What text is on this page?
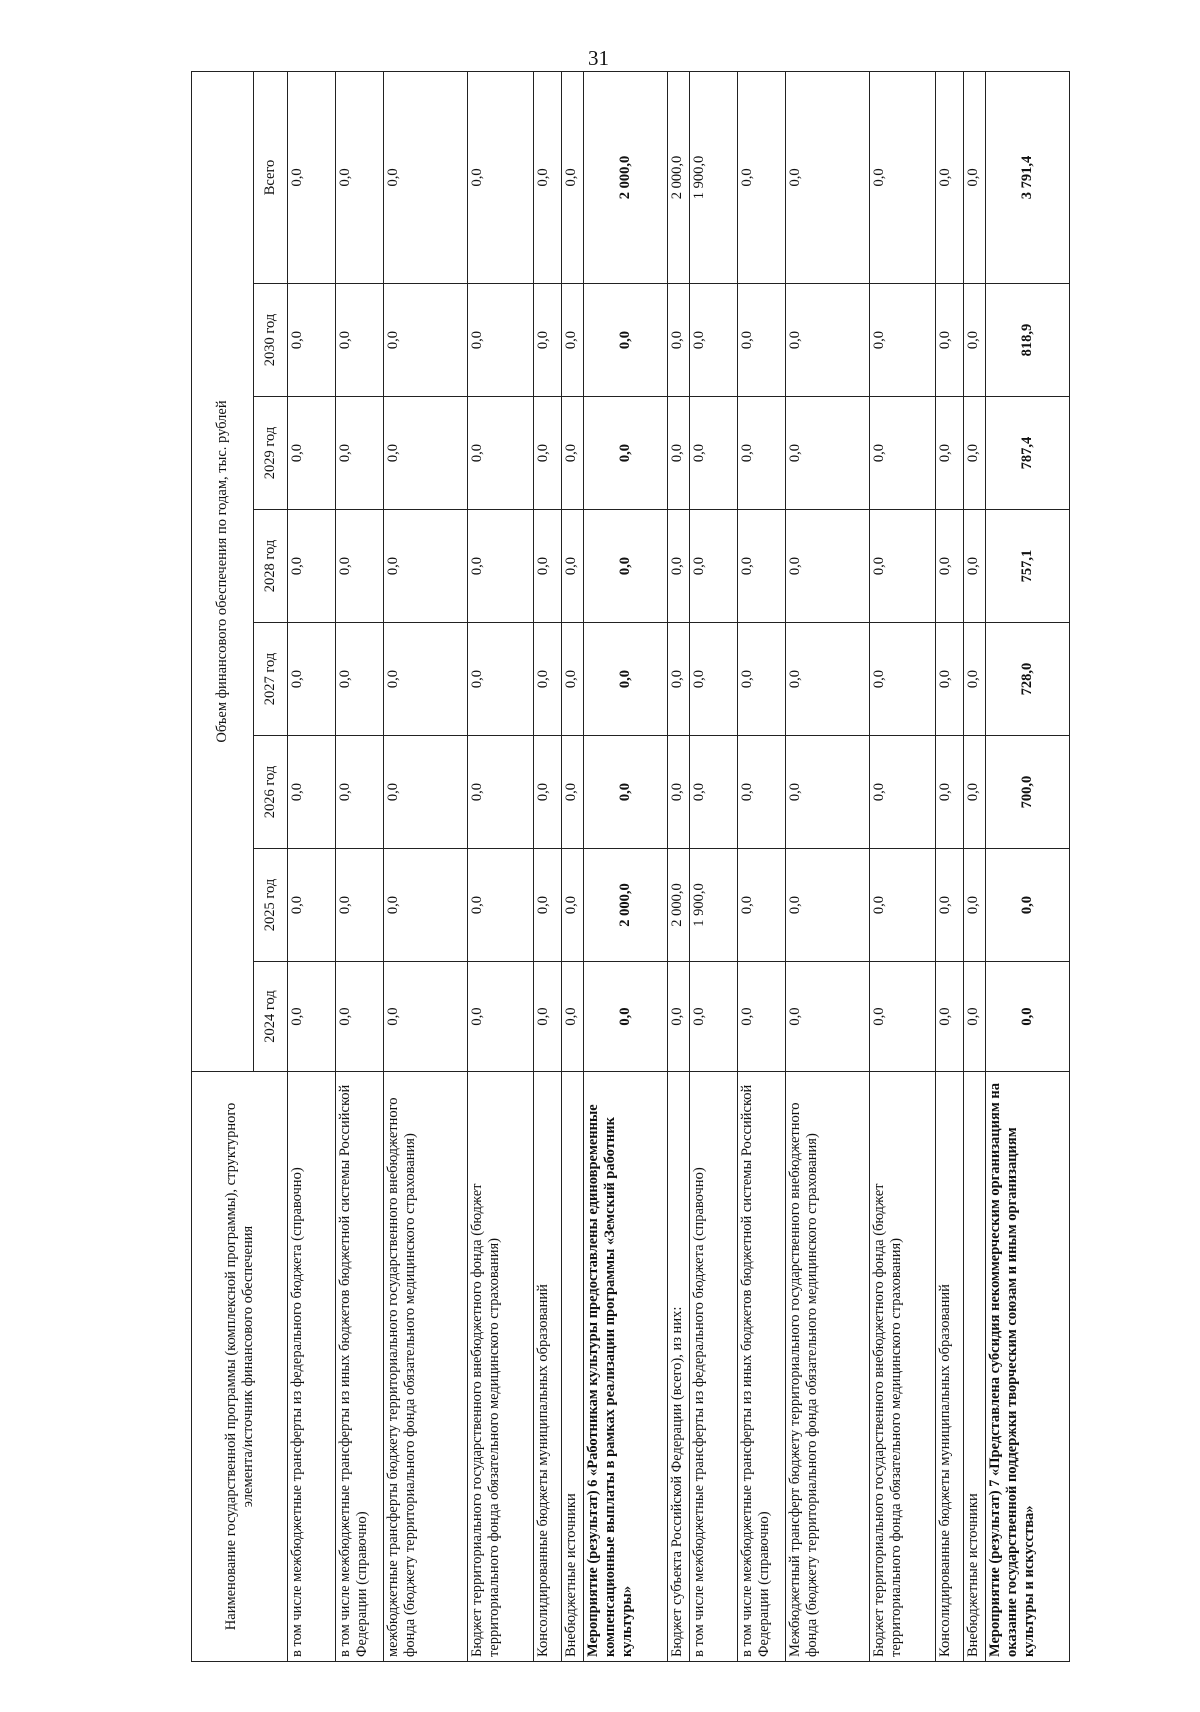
31
Наименование государственной программы (комплексной программы), структурного элемента/источник финансового обеспечения	Объем финансового обеспечения по годам, тыс. рублей							
	2024 год	2025 год	2026 год	2027 год	2028 год	2029 год	2030 год	Всего
в том числе межбюджетные трансферты из федерального бюджета (справочно)	0,0	0,0	0,0	0,0	0,0	0,0	0,0	0,0
в том числе межбюджетные трансферты из иных бюджетов бюджетной системы Российской Федерации (справочно)	0,0	0,0	0,0	0,0	0,0	0,0	0,0	0,0
межбюджетные трансферты бюджету территориального государственного внебюджетного фонда (бюджету территориального фонда обязательного медицинского страхования)	0,0	0,0	0,0	0,0	0,0	0,0	0,0	0,0
Бюджет территориального государственного внебюджетного фонда (бюджет территориального фонда обязательного медицинского страхования)	0,0	0,0	0,0	0,0	0,0	0,0	0,0	0,0
Консолидированные бюджеты муниципальных образований	0,0	0,0	0,0	0,0	0,0	0,0	0,0	0,0
Внебюджетные источники	0,0	0,0	0,0	0,0	0,0	0,0	0,0	0,0
Мероприятие (результат) 6 «Работникам культуры предоставлены единовременные компенсационные выплаты в рамках реализации программы «Земский работник культуры»	0,0	2 000,0	0,0	0,0	0,0	0,0	0,0	2 000,0
Бюджет субъекта Российской Федерации (всего), из них:	0,0	2 000,0	0,0	0,0	0,0	0,0	0,0	2 000,0
в том числе межбюджетные трансферты из федерального бюджета (справочно)	0,0	1 900,0	0,0	0,0	0,0	0,0	0,0	1 900,0
в том числе межбюджетные трансферты из иных бюджетов бюджетной системы Российской Федерации (справочно)	0,0	0,0	0,0	0,0	0,0	0,0	0,0	0,0
Межбюджетный трансферт бюджету территориального государственного внебюджетного фонда (бюджету территориального фонда обязательного медицинского страхования)	0,0	0,0	0,0	0,0	0,0	0,0	0,0	0,0
Бюджет территориального государственного внебюджетного фонда (бюджет территориального фонда обязательного медицинского страхования)	0,0	0,0	0,0	0,0	0,0	0,0	0,0	0,0
Консолидированные бюджеты муниципальных образований	0,0	0,0	0,0	0,0	0,0	0,0	0,0	0,0
Внебюджетные источники	0,0	0,0	0,0	0,0	0,0	0,0	0,0	0,0
Мероприятие (результат) 7 «Представлена субсидия некоммерческим организациям на оказание государственной поддержки творческим союзам и иным организациям культуры и искусства»	0,0	0,0	700,0	728,0	757,1	787,4	818,9	3 791,4
